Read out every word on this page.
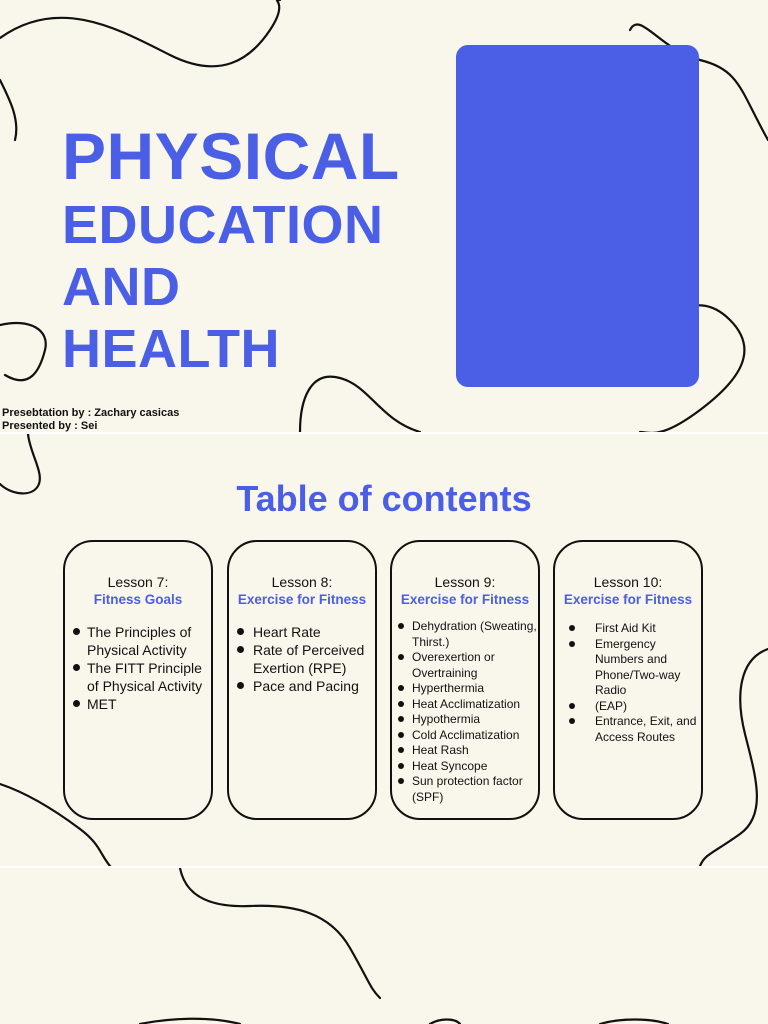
PHYSICAL
EDUCATION
AND
HEALTH

Presebtation by : Zachary casicas

Presented by : Sei

Table of contents

Lesson 7:

Fitness Goals

The Principles of Physical Activity
The FITT Principle of Physical Activity
MET

Lesson 8:

Exercise for Fitness

Heart Rate
Rate of Perceived Exertion (RPE)
Pace and Pacing

Lesson 9:

Exercise for Fitness

Dehydration (Sweating, Thirst.)
Overexertion or Overtraining
Hyperthermia
Heat Acclimatization
Hypothermia
Cold Acclimatization
Heat Rash
Heat Syncope
Sun protection factor (SPF)

Lesson 10:

Exercise for Fitness

First Aid Kit
Emergency Numbers and Phone/Two-way Radio
(EAP)
Entrance, Exit, and Access Routes
